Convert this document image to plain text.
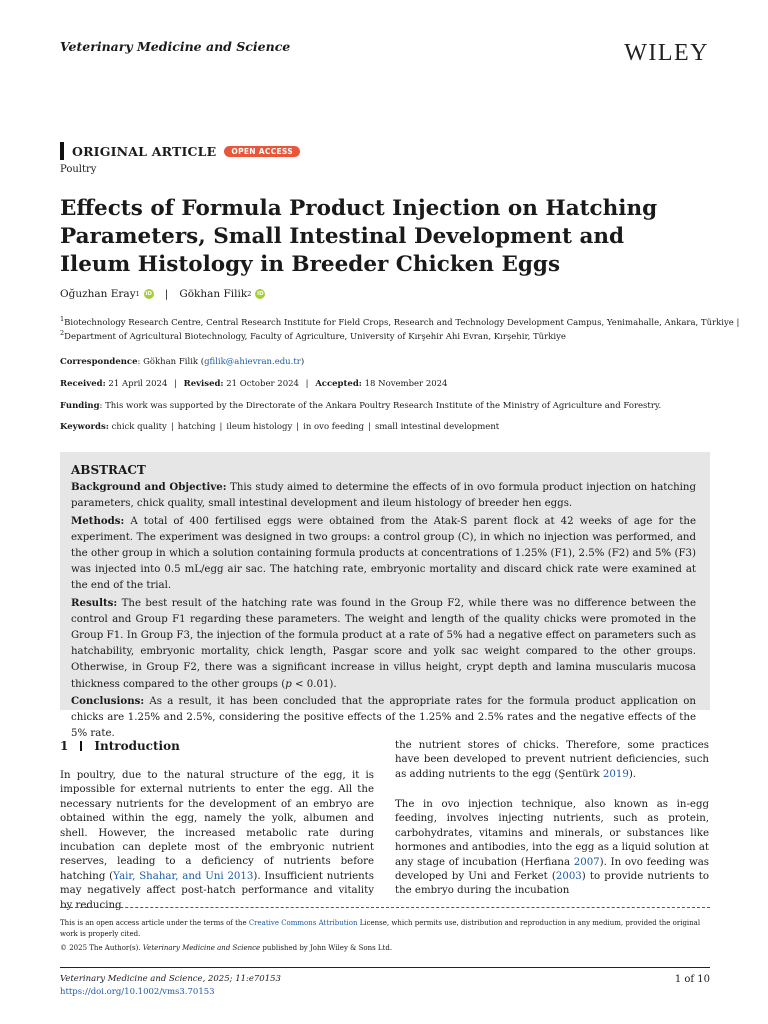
Veterinary Medicine and Science	WILEY
ORIGINAL ARTICLE	OPEN ACCESS
Poultry
Effects of Formula Product Injection on Hatching Parameters, Small Intestinal Development and Ileum Histology in Breeder Chicken Eggs
Oğuzhan Eray 1	iD | Gökhan Filik 2	iD
$^1$Biotechnology Research Centre, Central Research Institute for Field Crops, Research and Technology Development Campus, Yenimahalle, Ankara, Türkiye |
$^2$Department of Agricultural Biotechnology, Faculty of Agriculture, University of Kırşehir Ahi Evran, Kırşehir, Türkiye
Correspondence: Gökhan Filik (gfilik@ahievran.edu.tr)
Received: 21 April 2024 | Revised: 21 October 2024 | Accepted: 18 November 2024
Funding: This work was supported by the Directorate of the Ankara Poultry Research Institute of the Ministry of Agriculture and Forestry.
Keywords: chick quality | hatching | ileum histology | in ovo feeding | small intestinal development
ABSTRACT
Background and Objective: This study aimed to determine the effects of in ovo formula product injection on hatching parameters, chick quality, small intestinal development and ileum histology of breeder hen eggs.
Methods: A total of 400 fertilised eggs were obtained from the Atak-S parent flock at 42 weeks of age for the experiment. The experiment was designed in two groups: a control group (C), in which no injection was performed, and the other group in which a solution containing formula products at concentrations of 1.25% (F1), 2.5% (F2) and 5% (F3) was injected into 0.5 mL/egg air sac. The hatching rate, embryonic mortality and discard chick rate were examined at the end of the trial.
Results: The best result of the hatching rate was found in the Group F2, while there was no difference between the control and Group F1 regarding these parameters. The weight and length of the quality chicks were promoted in the Group F1. In Group F3, the injection of the formula product at a rate of 5% had a negative effect on parameters such as hatchability, embryonic mortality, chick length, Pasgar score and yolk sac weight compared to the other groups. Otherwise, in Group F2, there was a significant increase in villus height, crypt depth and lamina muscularis mucosa thickness compared to the other groups (p < 0.01).
Conclusions: As a result, it has been concluded that the appropriate rates for the formula product application on chicks are 1.25% and 2.5%, considering the positive effects of the 1.25% and 2.5% rates and the negative effects of the 5% rate.
1 Introduction
In poultry, due to the natural structure of the egg, it is impossible for external nutrients to enter the egg. All the necessary nutrients for the development of an embryo are obtained within the egg, namely the yolk, albumen and shell. However, the increased metabolic rate during incubation can deplete most of the embryonic nutrient reserves, leading to a deficiency of nutrients before hatching (Yair, Shahar, and Uni 2013). Insufficient nutrients may negatively affect post-hatch performance and vitality by reducing
the nutrient stores of chicks. Therefore, some practices have been developed to prevent nutrient deficiencies, such as adding nutrients to the egg (Şentürk 2019).
The in ovo injection technique, also known as in-egg feeding, involves injecting nutrients, such as protein, carbohydrates, vitamins and minerals, or substances like hormones and antibodies, into the egg as a liquid solution at any stage of incubation (Herfiana 2007). In ovo feeding was developed by Uni and Ferket (2003) to provide nutrients to the embryo during the incubation
This is an open access article under the terms of the Creative Commons Attribution License, which permits use, distribution and reproduction in any medium, provided the original work is properly cited.
© 2025 The Author(s). Veterinary Medicine and Science published by John Wiley & Sons Ltd.
Veterinary Medicine and Science, 2025; 11:e70153
https://doi.org/10.1002/vms3.70153
1 of 10
